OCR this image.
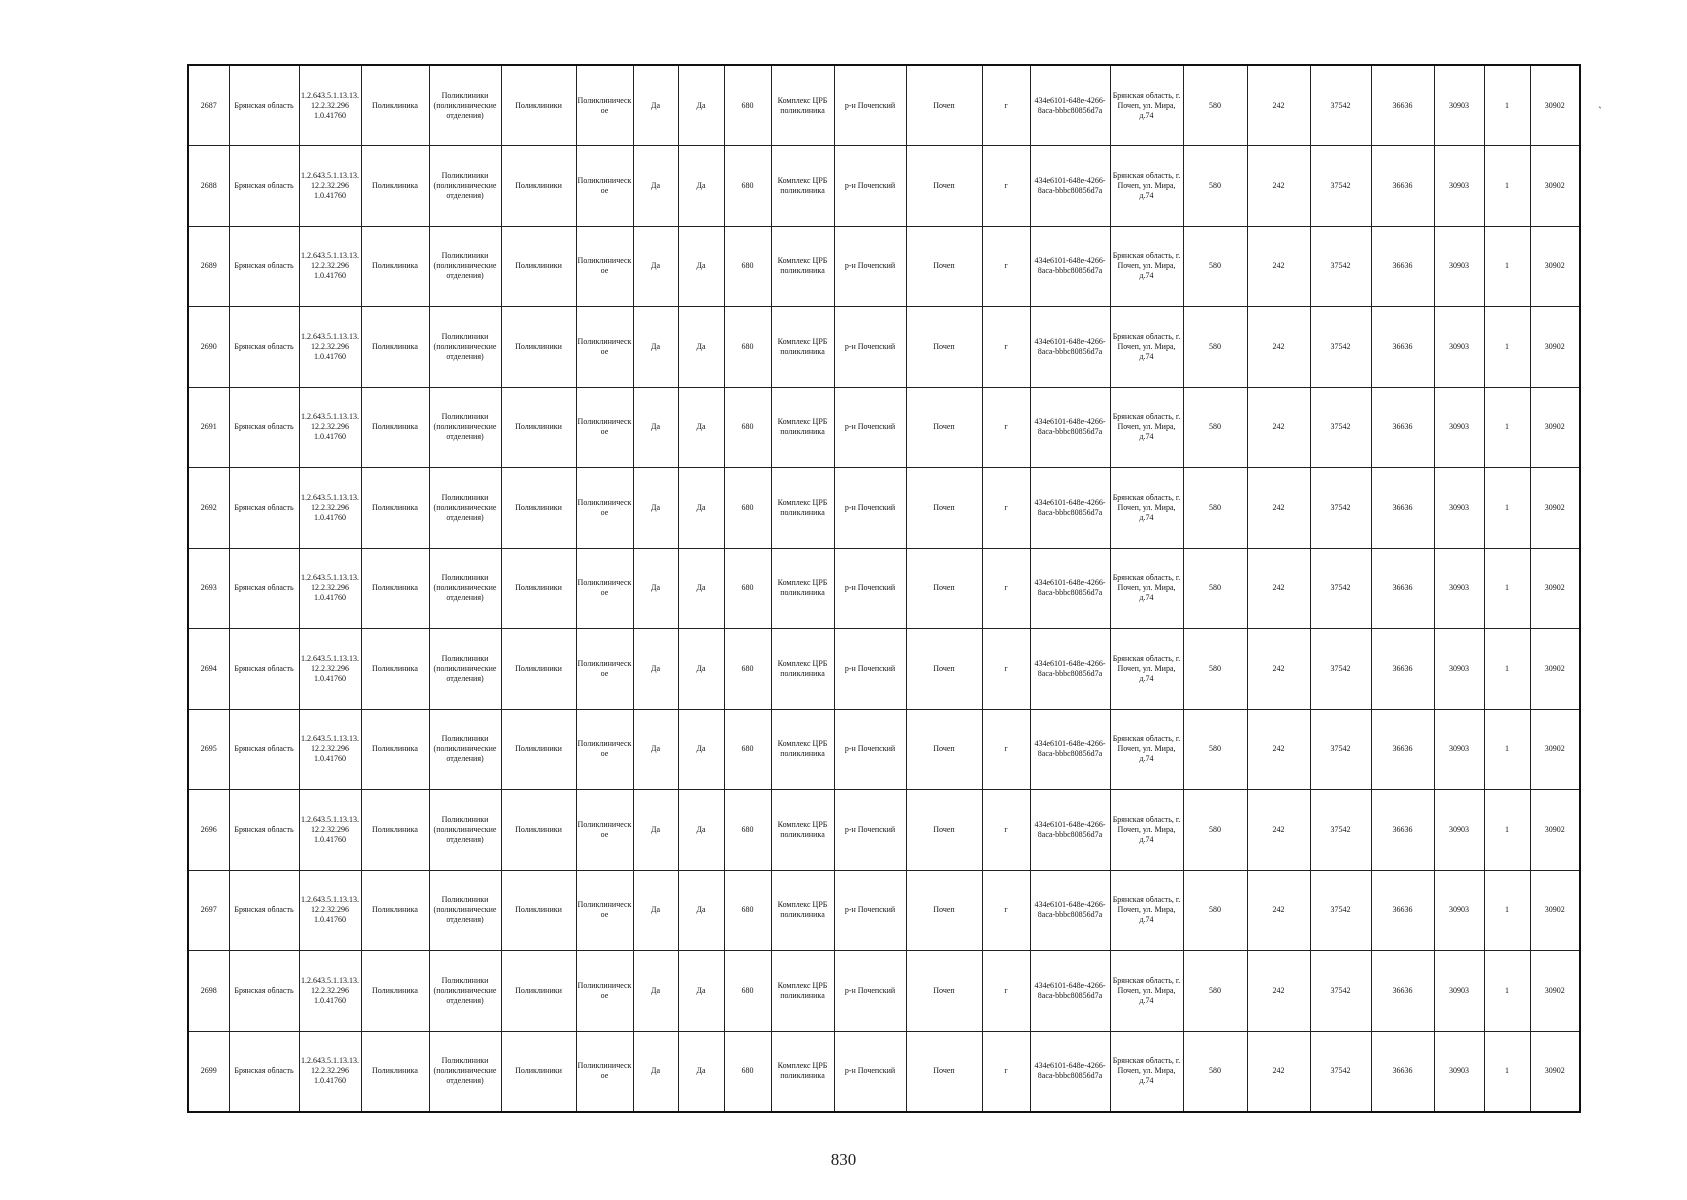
2687	Брянская область	1.2.643.5.1.13.13.12.2.32.296 1.0.41760	Поликлиника	Поликлиники (поликлинические отделения)	Поликлиники	Поликлиническое	Да	Да	680	Комплекс ЦРБ поликлиника	р-н Почепский	Почеп	г	434e6101-648e-4266-8aca-bbbc80856d7a	Брянская область, г. Почеп, ул. Мира, д.74	580	242	37542	36636	30903	1	30902
2688	Брянская область	1.2.643.5.1.13.13.12.2.32.296 1.0.41760	Поликлиника	Поликлиники (поликлинические отделения)	Поликлиники	Поликлиническое	Да	Да	680	Комплекс ЦРБ поликлиника	р-н Почепский	Почеп	г	434e6101-648e-4266-8aca-bbbc80856d7a	Брянская область, г. Почеп, ул. Мира, д.74	580	242	37542	36636	30903	1	30902
2689	Брянская область	1.2.643.5.1.13.13.12.2.32.296 1.0.41760	Поликлиника	Поликлиники (поликлинические отделения)	Поликлиники	Поликлиническое	Да	Да	680	Комплекс ЦРБ поликлиника	р-н Почепский	Почеп	г	434e6101-648e-4266-8aca-bbbc80856d7a	Брянская область, г. Почеп, ул. Мира, д.74	580	242	37542	36636	30903	1	30902
2690	Брянская область	1.2.643.5.1.13.13.12.2.32.296 1.0.41760	Поликлиника	Поликлиники (поликлинические отделения)	Поликлиники	Поликлиническое	Да	Да	680	Комплекс ЦРБ поликлиника	р-н Почепский	Почеп	г	434e6101-648e-4266-8aca-bbbc80856d7a	Брянская область, г. Почеп, ул. Мира, д.74	580	242	37542	36636	30903	1	30902
2691	Брянская область	1.2.643.5.1.13.13.12.2.32.296 1.0.41760	Поликлиника	Поликлиники (поликлинические отделения)	Поликлиники	Поликлиническое	Да	Да	680	Комплекс ЦРБ поликлиника	р-н Почепский	Почеп	г	434e6101-648e-4266-8aca-bbbc80856d7a	Брянская область, г. Почеп, ул. Мира, д.74	580	242	37542	36636	30903	1	30902
2692	Брянская область	1.2.643.5.1.13.13.12.2.32.296 1.0.41760	Поликлиника	Поликлиники (поликлинические отделения)	Поликлиники	Поликлиническое	Да	Да	680	Комплекс ЦРБ поликлиника	р-н Почепский	Почеп	г	434e6101-648e-4266-8aca-bbbc80856d7a	Брянская область, г. Почеп, ул. Мира, д.74	580	242	37542	36636	30903	1	30902
2693	Брянская область	1.2.643.5.1.13.13.12.2.32.296 1.0.41760	Поликлиника	Поликлиники (поликлинические отделения)	Поликлиники	Поликлиническое	Да	Да	680	Комплекс ЦРБ поликлиника	р-н Почепский	Почеп	г	434e6101-648e-4266-8aca-bbbc80856d7a	Брянская область, г. Почеп, ул. Мира, д.74	580	242	37542	36636	30903	1	30902
2694	Брянская область	1.2.643.5.1.13.13.12.2.32.296 1.0.41760	Поликлиника	Поликлиники (поликлинические отделения)	Поликлиники	Поликлиническое	Да	Да	680	Комплекс ЦРБ поликлиника	р-н Почепский	Почеп	г	434e6101-648e-4266-8aca-bbbc80856d7a	Брянская область, г. Почеп, ул. Мира, д.74	580	242	37542	36636	30903	1	30902
2695	Брянская область	1.2.643.5.1.13.13.12.2.32.296 1.0.41760	Поликлиника	Поликлиники (поликлинические отделения)	Поликлиники	Поликлиническое	Да	Да	680	Комплекс ЦРБ поликлиника	р-н Почепский	Почеп	г	434e6101-648e-4266-8aca-bbbc80856d7a	Брянская область, г. Почеп, ул. Мира, д.74	580	242	37542	36636	30903	1	30902
2696	Брянская область	1.2.643.5.1.13.13.12.2.32.296 1.0.41760	Поликлиника	Поликлиники (поликлинические отделения)	Поликлиники	Поликлиническое	Да	Да	680	Комплекс ЦРБ поликлиника	р-н Почепский	Почеп	г	434e6101-648e-4266-8aca-bbbc80856d7a	Брянская область, г. Почеп, ул. Мира, д.74	580	242	37542	36636	30903	1	30902
2697	Брянская область	1.2.643.5.1.13.13.12.2.32.296 1.0.41760	Поликлиника	Поликлиники (поликлинические отделения)	Поликлиники	Поликлиническое	Да	Да	680	Комплекс ЦРБ поликлиника	р-н Почепский	Почеп	г	434e6101-648e-4266-8aca-bbbc80856d7a	Брянская область, г. Почеп, ул. Мира, д.74	580	242	37542	36636	30903	1	30902
2698	Брянская область	1.2.643.5.1.13.13.12.2.32.296 1.0.41760	Поликлиника	Поликлиники (поликлинические отделения)	Поликлиники	Поликлиническое	Да	Да	680	Комплекс ЦРБ поликлиника	р-н Почепский	Почеп	г	434e6101-648e-4266-8aca-bbbc80856d7a	Брянская область, г. Почеп, ул. Мира, д.74	580	242	37542	36636	30903	1	30902
2699	Брянская область	1.2.643.5.1.13.13.12.2.32.296 1.0.41760	Поликлиника	Поликлиники (поликлинические отделения)	Поликлиники	Поликлиническое	Да	Да	680	Комплекс ЦРБ поликлиника	р-н Почепский	Почеп	г	434e6101-648e-4266-8aca-bbbc80856d7a	Брянская область, г. Почеп, ул. Мира, д.74	580	242	37542	36636	30903	1	30902
`
830
